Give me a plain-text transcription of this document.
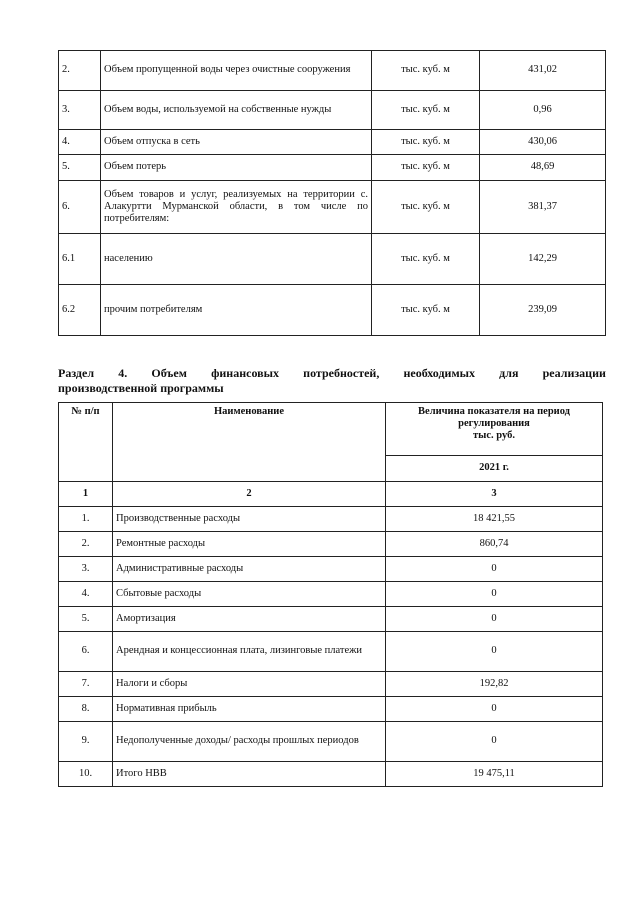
2.	Объем пропущенной воды через очистные сооружения	тыс. куб. м	431,02
3.	Объем воды, используемой на собственные нужды	тыс. куб. м	0,96
4.	Объем отпуска в сеть	тыс. куб. м	430,06
5.	Объем потерь	тыс. куб. м	48,69
6.	Объем товаров и услуг, реализуемых на территории с. Алакуртти Мурманской области, в том числе по потребителям:	тыс. куб. м	381,37
6.1	населению	тыс. куб. м	142,29
6.2	прочим потребителям	тыс. куб. м	239,09
Раздел 4. Объем финансовых потребностей, необходимых для реализации
производственной программы
№ п/п	Наименование	Величина показателя на период регулирования
тыс. руб.

		2021 г.
1	2	3
1.	Производственные расходы	18 421,55
2.	Ремонтные расходы	860,74
3.	Административные расходы	0
4.	Сбытовые расходы	0
5.	Амортизация	0
6.	Арендная и концессионная плата, лизинговые платежи	0
7.	Налоги и сборы	192,82
8.	Нормативная прибыль	0
9.	Недополученные доходы/ расходы прошлых периодов	0
10.	Итого НВВ	19 475,11
